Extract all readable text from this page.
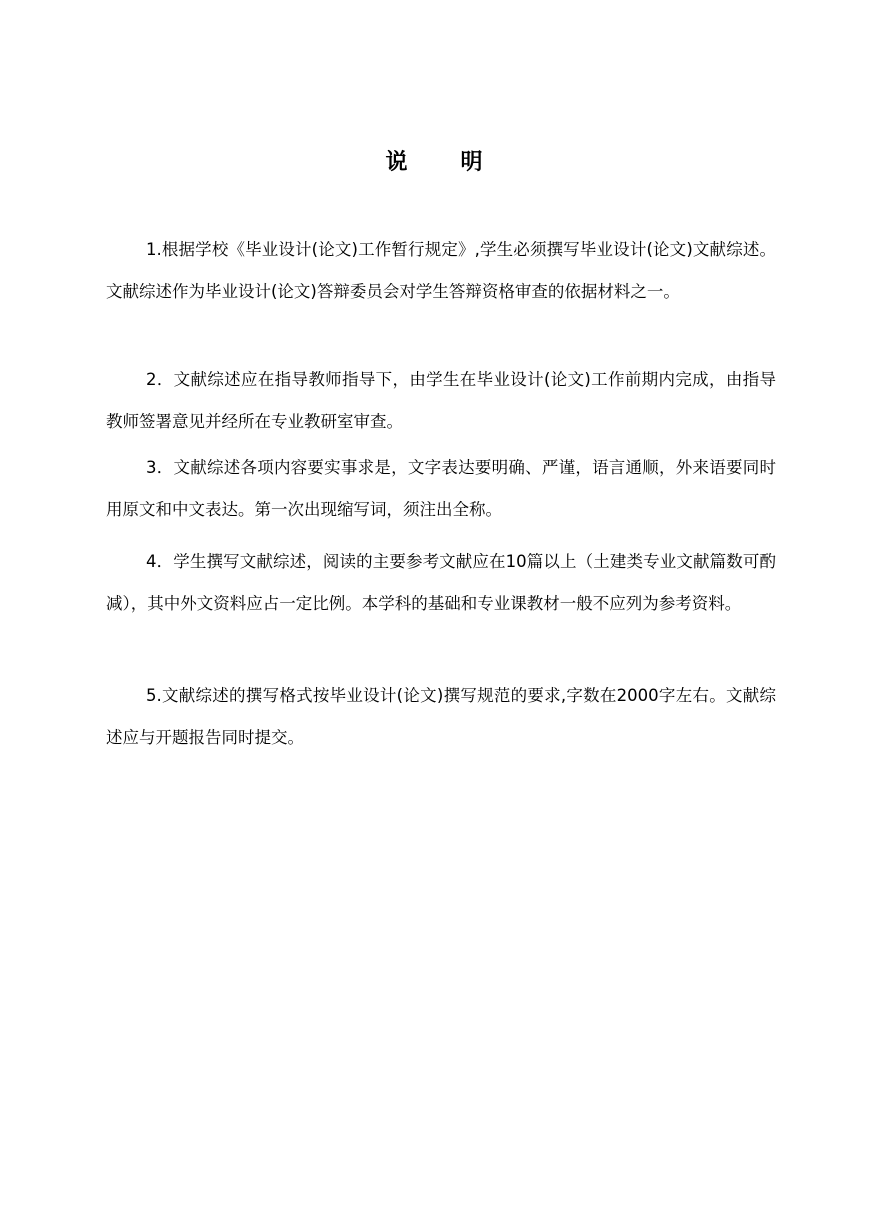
说 明

1.根据学校《毕业设计(论文)工作暂行规定》,学生必须撰写毕业设计(论文)文献综述。文献综述作为毕业设计(论文)答辩委员会对学生答辩资格审查的依据材料之一。

2．文献综述应在指导教师指导下，由学生在毕业设计(论文)工作前期内完成，由指导教师签署意见并经所在专业教研室审查。

3．文献综述各项内容要实事求是，文字表达要明确、严谨，语言通顺，外来语要同时用原文和中文表达。第一次出现缩写词，须注出全称。

4．学生撰写文献综述，阅读的主要参考文献应在10篇以上（土建类专业文献篇数可酌减），其中外文资料应占一定比例。本学科的基础和专业课教材一般不应列为参考资料。

5.文献综述的撰写格式按毕业设计(论文)撰写规范的要求,字数在2000字左右。文献综述应与开题报告同时提交。
